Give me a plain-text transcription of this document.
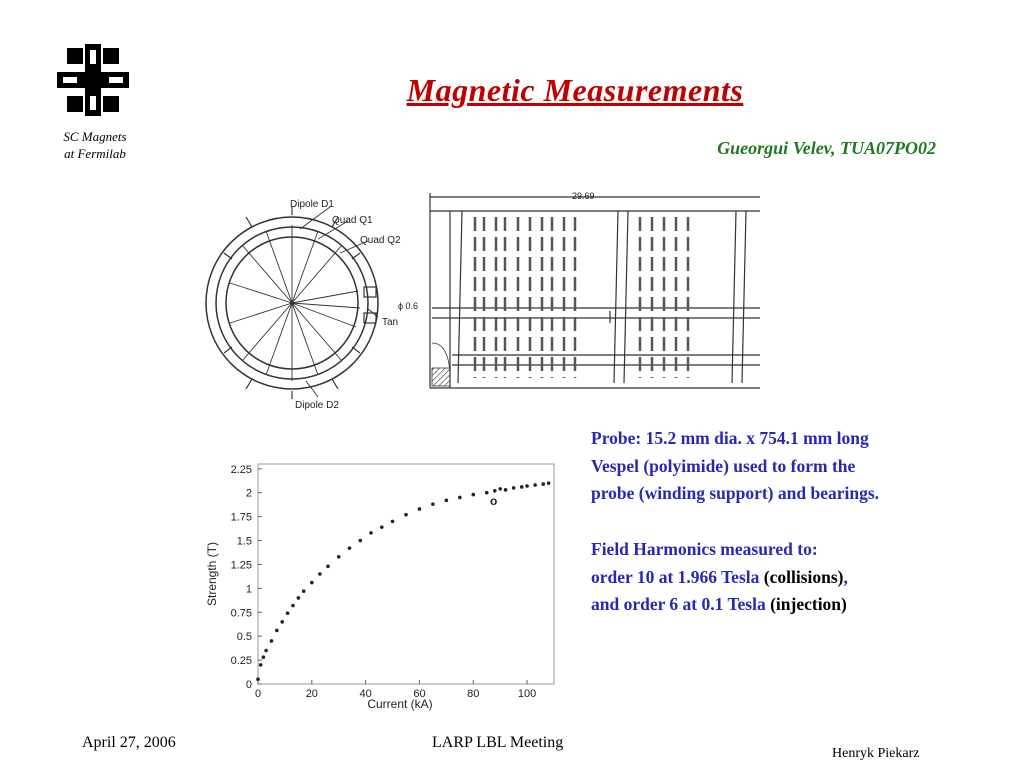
SC Magnets
at Fermilab
Magnetic Measurements
Gueorgui Velev, TUA07PO02
Dipole D1
Quad Q1
Quad Q2
Tan
Dipole D2
29.69
ϕ 0.6
0
0.25
0.5
0.75
1
1.25
1.5
1.75
2
2.25
0	20	40	60	80	100
Current (kA)
Strength (T)
o
Probe: 15.2 mm dia. x 754.1 mm long
Vespel (polyimide) used to form the
probe (winding support) and bearings.
Field Harmonics measured to:
order 10 at 1.966 Tesla (collisions),
and order 6 at 0.1 Tesla (injection)
April 27, 2006	LARP LBL Meeting
Henryk Piekarz
